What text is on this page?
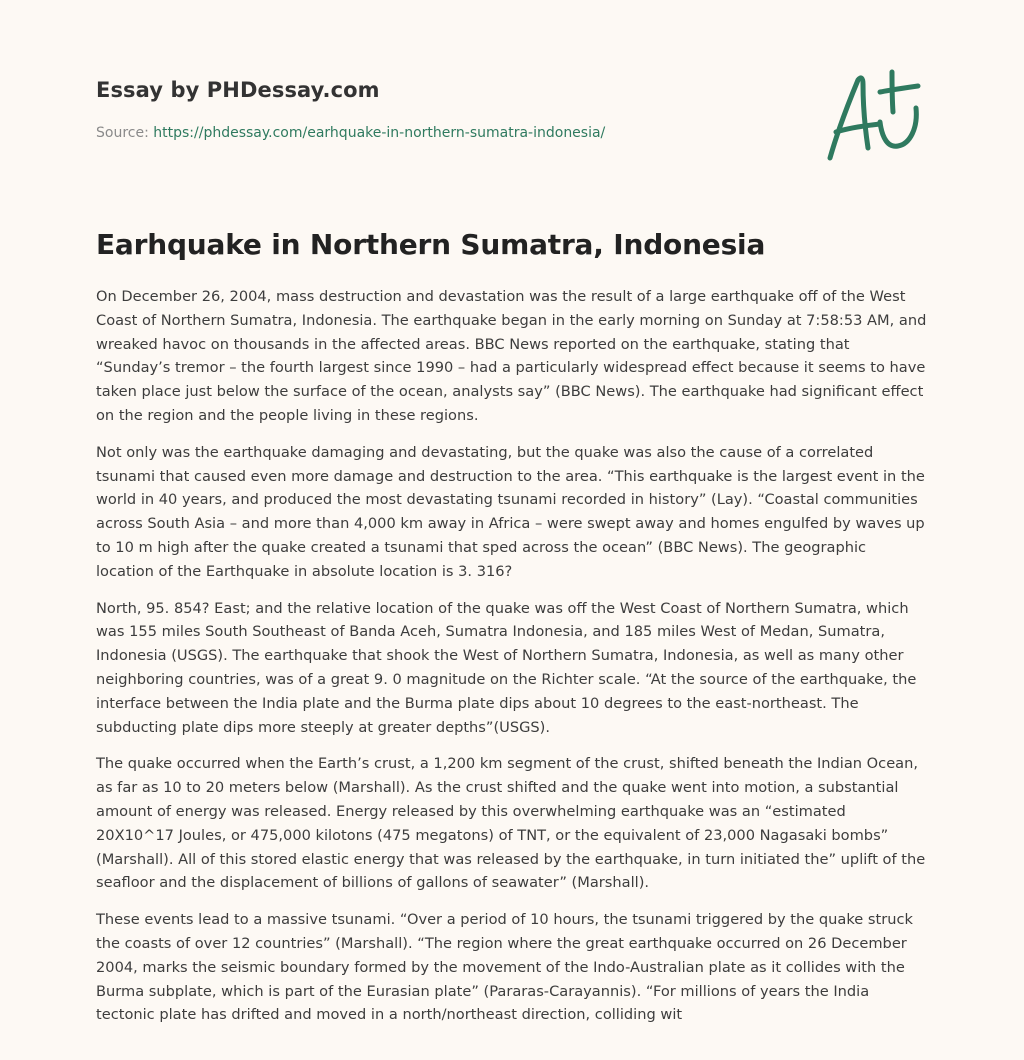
Essay by PHDessay.com
Source: https://phdessay.com/earhquake-in-northern-sumatra-indonesia/
Earhquake in Northern Sumatra, Indonesia

On December 26, 2004, mass destruction and devastation was the result of a large earthquake off of the West Coast of Northern Sumatra, Indonesia. The earthquake began in the early morning on Sunday at 7:58:53 AM, and wreaked havoc on thousands in the affected areas. BBC News reported on the earthquake, stating that “Sunday’s tremor – the fourth largest since 1990 – had a particularly widespread effect because it seems to have taken place just below the surface of the ocean, analysts say” (BBC News). The earthquake had significant effect on the region and the people living in these regions.

Not only was the earthquake damaging and devastating, but the quake was also the cause of a correlated tsunami that caused even more damage and destruction to the area. “This earthquake is the largest event in the world in 40 years, and produced the most devastating tsunami recorded in history” (Lay). “Coastal communities across South Asia – and more than 4,000 km away in Africa – were swept away and homes engulfed by waves up to 10 m high after the quake created a tsunami that sped across the ocean” (BBC News). The geographic location of the Earthquake in absolute location is 3. 316?

North, 95. 854? East; and the relative location of the quake was off the West Coast of Northern Sumatra, which was 155 miles South Southeast of Banda Aceh, Sumatra Indonesia, and 185 miles West of Medan, Sumatra, Indonesia (USGS). The earthquake that shook the West of Northern Sumatra, Indonesia, as well as many other neighboring countries, was of a great 9. 0 magnitude on the Richter scale. “At the source of the earthquake, the interface between the India plate and the Burma plate dips about 10 degrees to the east-northeast. The subducting plate dips more steeply at greater depths”(USGS).

The quake occurred when the Earth’s crust, a 1,200 km segment of the crust, shifted beneath the Indian Ocean, as far as 10 to 20 meters below (Marshall). As the crust shifted and the quake went into motion, a substantial amount of energy was released. Energy released by this overwhelming earthquake was an “estimated 20X10^17 Joules, or 475,000 kilotons (475 megatons) of TNT, or the equivalent of 23,000 Nagasaki bombs” (Marshall). All of this stored elastic energy that was released by the earthquake, in turn initiated the” uplift of the seafloor and the displacement of billions of gallons of seawater” (Marshall).

These events lead to a massive tsunami. “Over a period of 10 hours, the tsunami triggered by the quake struck the coasts of over 12 countries” (Marshall). “The region where the great earthquake occurred on 26 December 2004, marks the seismic boundary formed by the movement of the Indo-Australian plate as it collides with the Burma subplate, which is part of the Eurasian plate” (Pararas-Carayannis). “For millions of years the India tectonic plate has drifted and moved in a north/northeast direction, colliding wit
